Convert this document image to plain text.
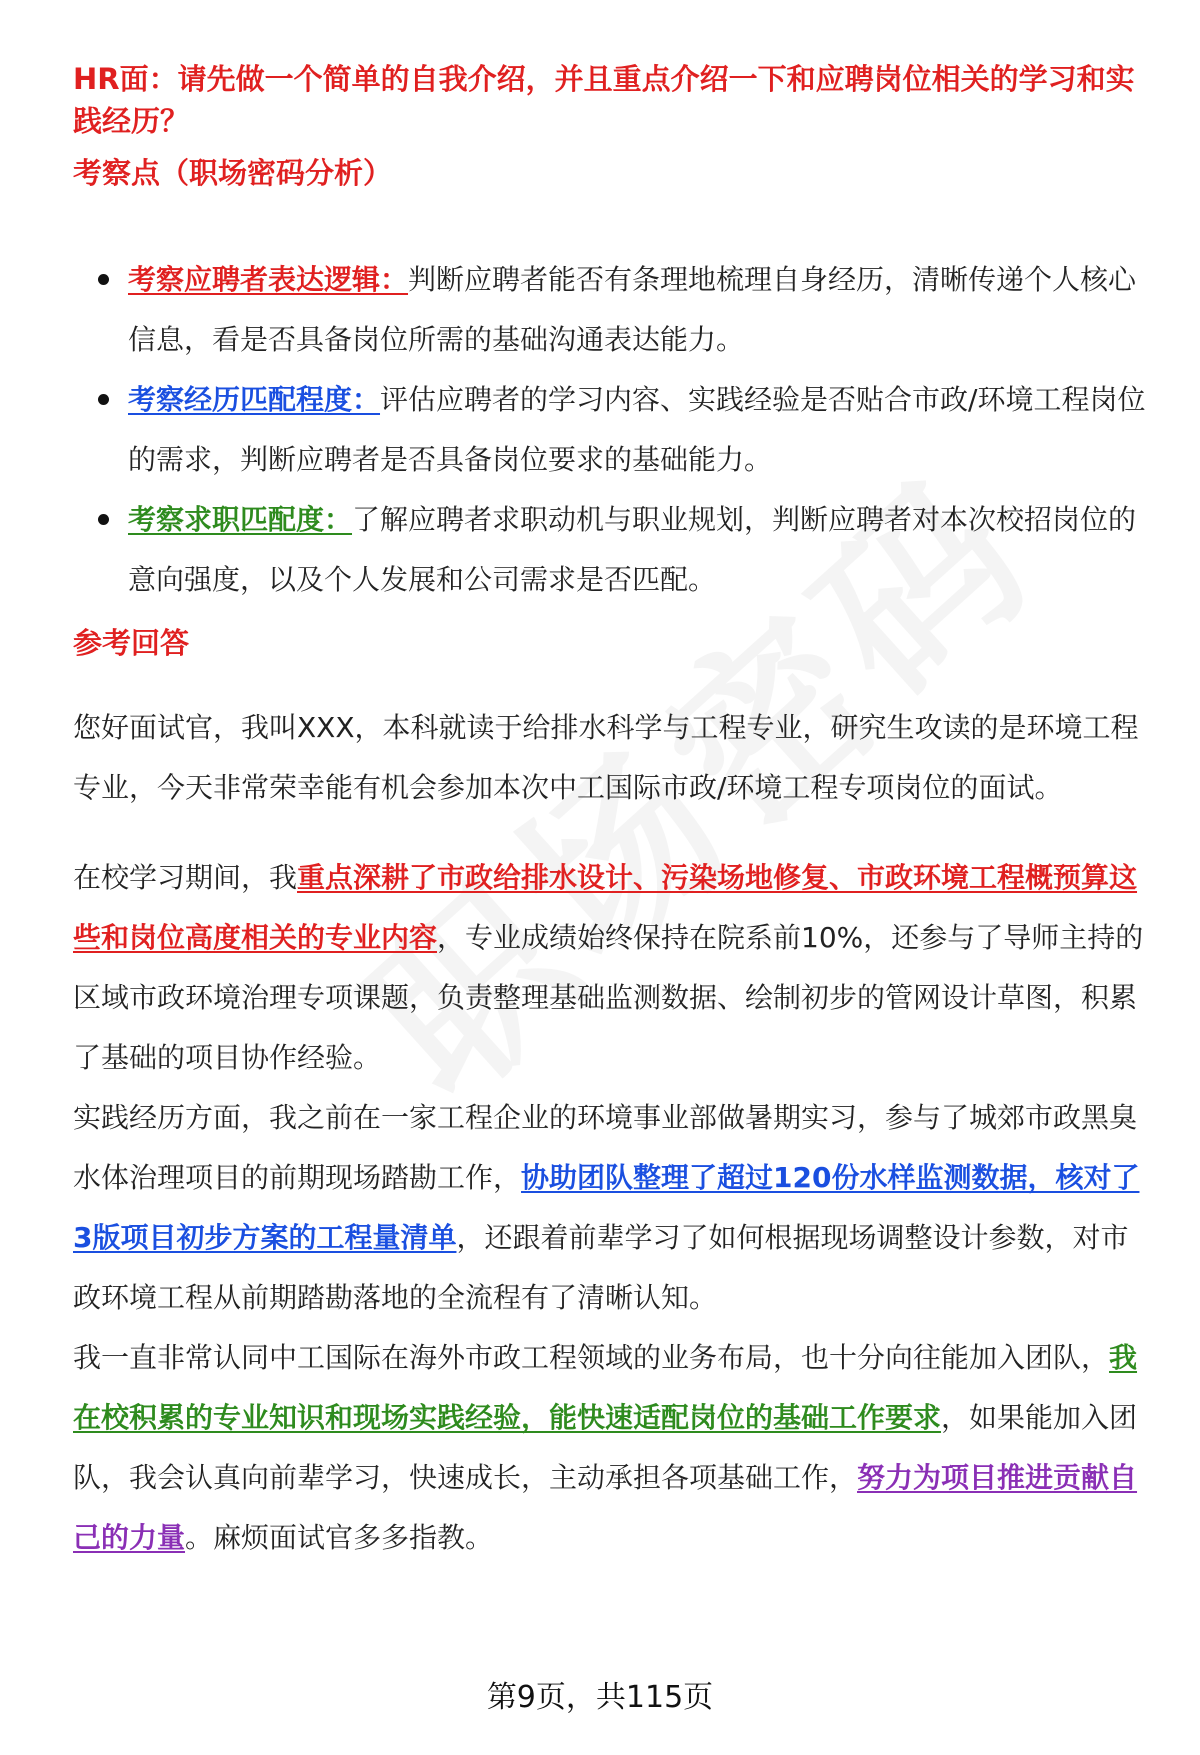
HR面：请先做一个简单的自我介绍，并且重点介绍一下和应聘岗位相关的学习和实践经历？
考察点（职场密码分析）
考察应聘者表达逻辑：判断应聘者能否有条理地梳理自身经历，清晰传递个人核心信息，看是否具备岗位所需的基础沟通表达能力。
考察经历匹配程度：评估应聘者的学习内容、实践经验是否贴合市政/环境工程岗位的需求，判断应聘者是否具备岗位要求的基础能力。
考察求职匹配度：了解应聘者求职动机与职业规划，判断应聘者对本次校招岗位的意向强度，以及个人发展和公司需求是否匹配。
参考回答

您好面试官，我叫XXX，本科就读于给排水科学与工程专业，研究生攻读的是环境工程专业，今天非常荣幸能有机会参加本次中工国际市政/环境工程专项岗位的面试。

在校学习期间，我重点深耕了市政给排水设计、污染场地修复、市政环境工程概预算这些和岗位高度相关的专业内容，专业成绩始终保持在院系前10%，还参与了导师主持的区域市政环境治理专项课题，负责整理基础监测数据、绘制初步的管网设计草图，积累了基础的项目协作经验。

实践经历方面，我之前在一家工程企业的环境事业部做暑期实习，参与了城郊市政黑臭水体治理项目的前期现场踏勘工作，协助团队整理了超过120份水样监测数据，核对了3版项目初步方案的工程量清单，还跟着前辈学习了如何根据现场调整设计参数，对市政环境工程从前期踏勘落地的全流程有了清晰认知。

我一直非常认同中工国际在海外市政工程领域的业务布局，也十分向往能加入团队，我在校积累的专业知识和现场实践经验，能快速适配岗位的基础工作要求，如果能加入团队，我会认真向前辈学习，快速成长，主动承担各项基础工作，努力为项目推进贡献自己的力量。麻烦面试官多多指教。

第9页，共115页
